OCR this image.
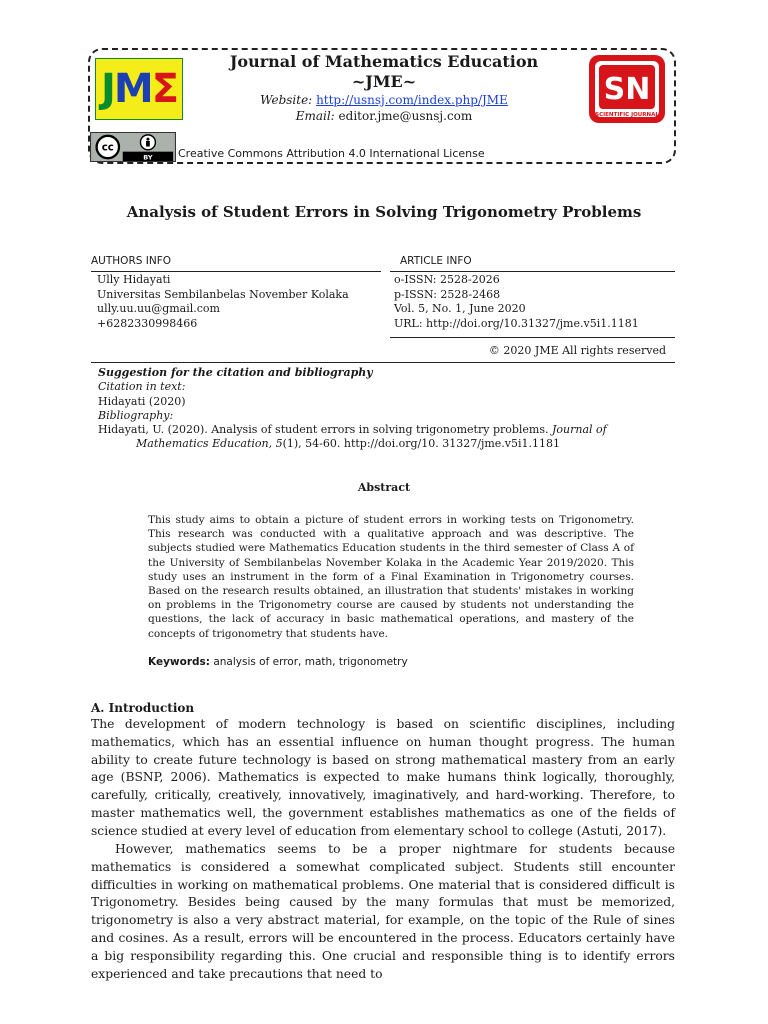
J M Σ
Journal of Mathematics Education
~JME~
Website: http://usnsj.com/index.php/JME
Email: editor.jme@usnsj.com
SN
SCIENTIFIC JOURNAL
cc
BY Creative Commons Attribution 4.0 International License
Analysis of Student Errors in Solving Trigonometry Problems
AUTHORS INFO
Ully Hidayati
Universitas Sembilanbelas November Kolaka
ully.uu.uu@gmail.com
+6282330998466
ARTICLE INFO
o-ISSN: 2528-2026
p-ISSN: 2528-2468
Vol. 5, No. 1, June 2020
URL: http://doi.org/10.31327/jme.v5i1.1181
© 2020 JME All rights reserved
Suggestion for the citation and bibliography
Citation in text:
Hidayati (2020)
Bibliography:
Hidayati, U. (2020). Analysis of student errors in solving trigonometry problems. Journal of Mathematics Education, 5(1), 54-60. http://doi.org/10. 31327/jme.v5i1.1181
Abstract
This study aims to obtain a picture of student errors in working tests on Trigonometry. This research was conducted with a qualitative approach and was descriptive. The subjects studied were Mathematics Education students in the third semester of Class A of the University of Sembilanbelas November Kolaka in the Academic Year 2019/2020. This study uses an instrument in the form of a Final Examination in Trigonometry courses. Based on the research results obtained, an illustration that students' mistakes in working on problems in the Trigonometry course are caused by students not understanding the questions, the lack of accuracy in basic mathematical operations, and mastery of the concepts of trigonometry that students have.
Keywords: analysis of error, math, trigonometry
A. Introduction
The development of modern technology is based on scientific disciplines, including mathematics, which has an essential influence on human thought progress. The human ability to create future technology is based on strong mathematical mastery from an early age (BSNP, 2006). Mathematics is expected to make humans think logically, thoroughly, carefully, critically, creatively, innovatively, imaginatively, and hard-working. Therefore, to master mathematics well, the government establishes mathematics as one of the fields of science studied at every level of education from elementary school to college (Astuti, 2017).
However, mathematics seems to be a proper nightmare for students because mathematics is considered a somewhat complicated subject. Students still encounter difficulties in working on mathematical problems. One material that is considered difficult is Trigonometry. Besides being caused by the many formulas that must be memorized, trigonometry is also a very abstract material, for example, on the topic of the Rule of sines and cosines. As a result, errors will be encountered in the process. Educators certainly have a big responsibility regarding this. One crucial and responsible thing is to identify errors experienced and take precautions that need to
